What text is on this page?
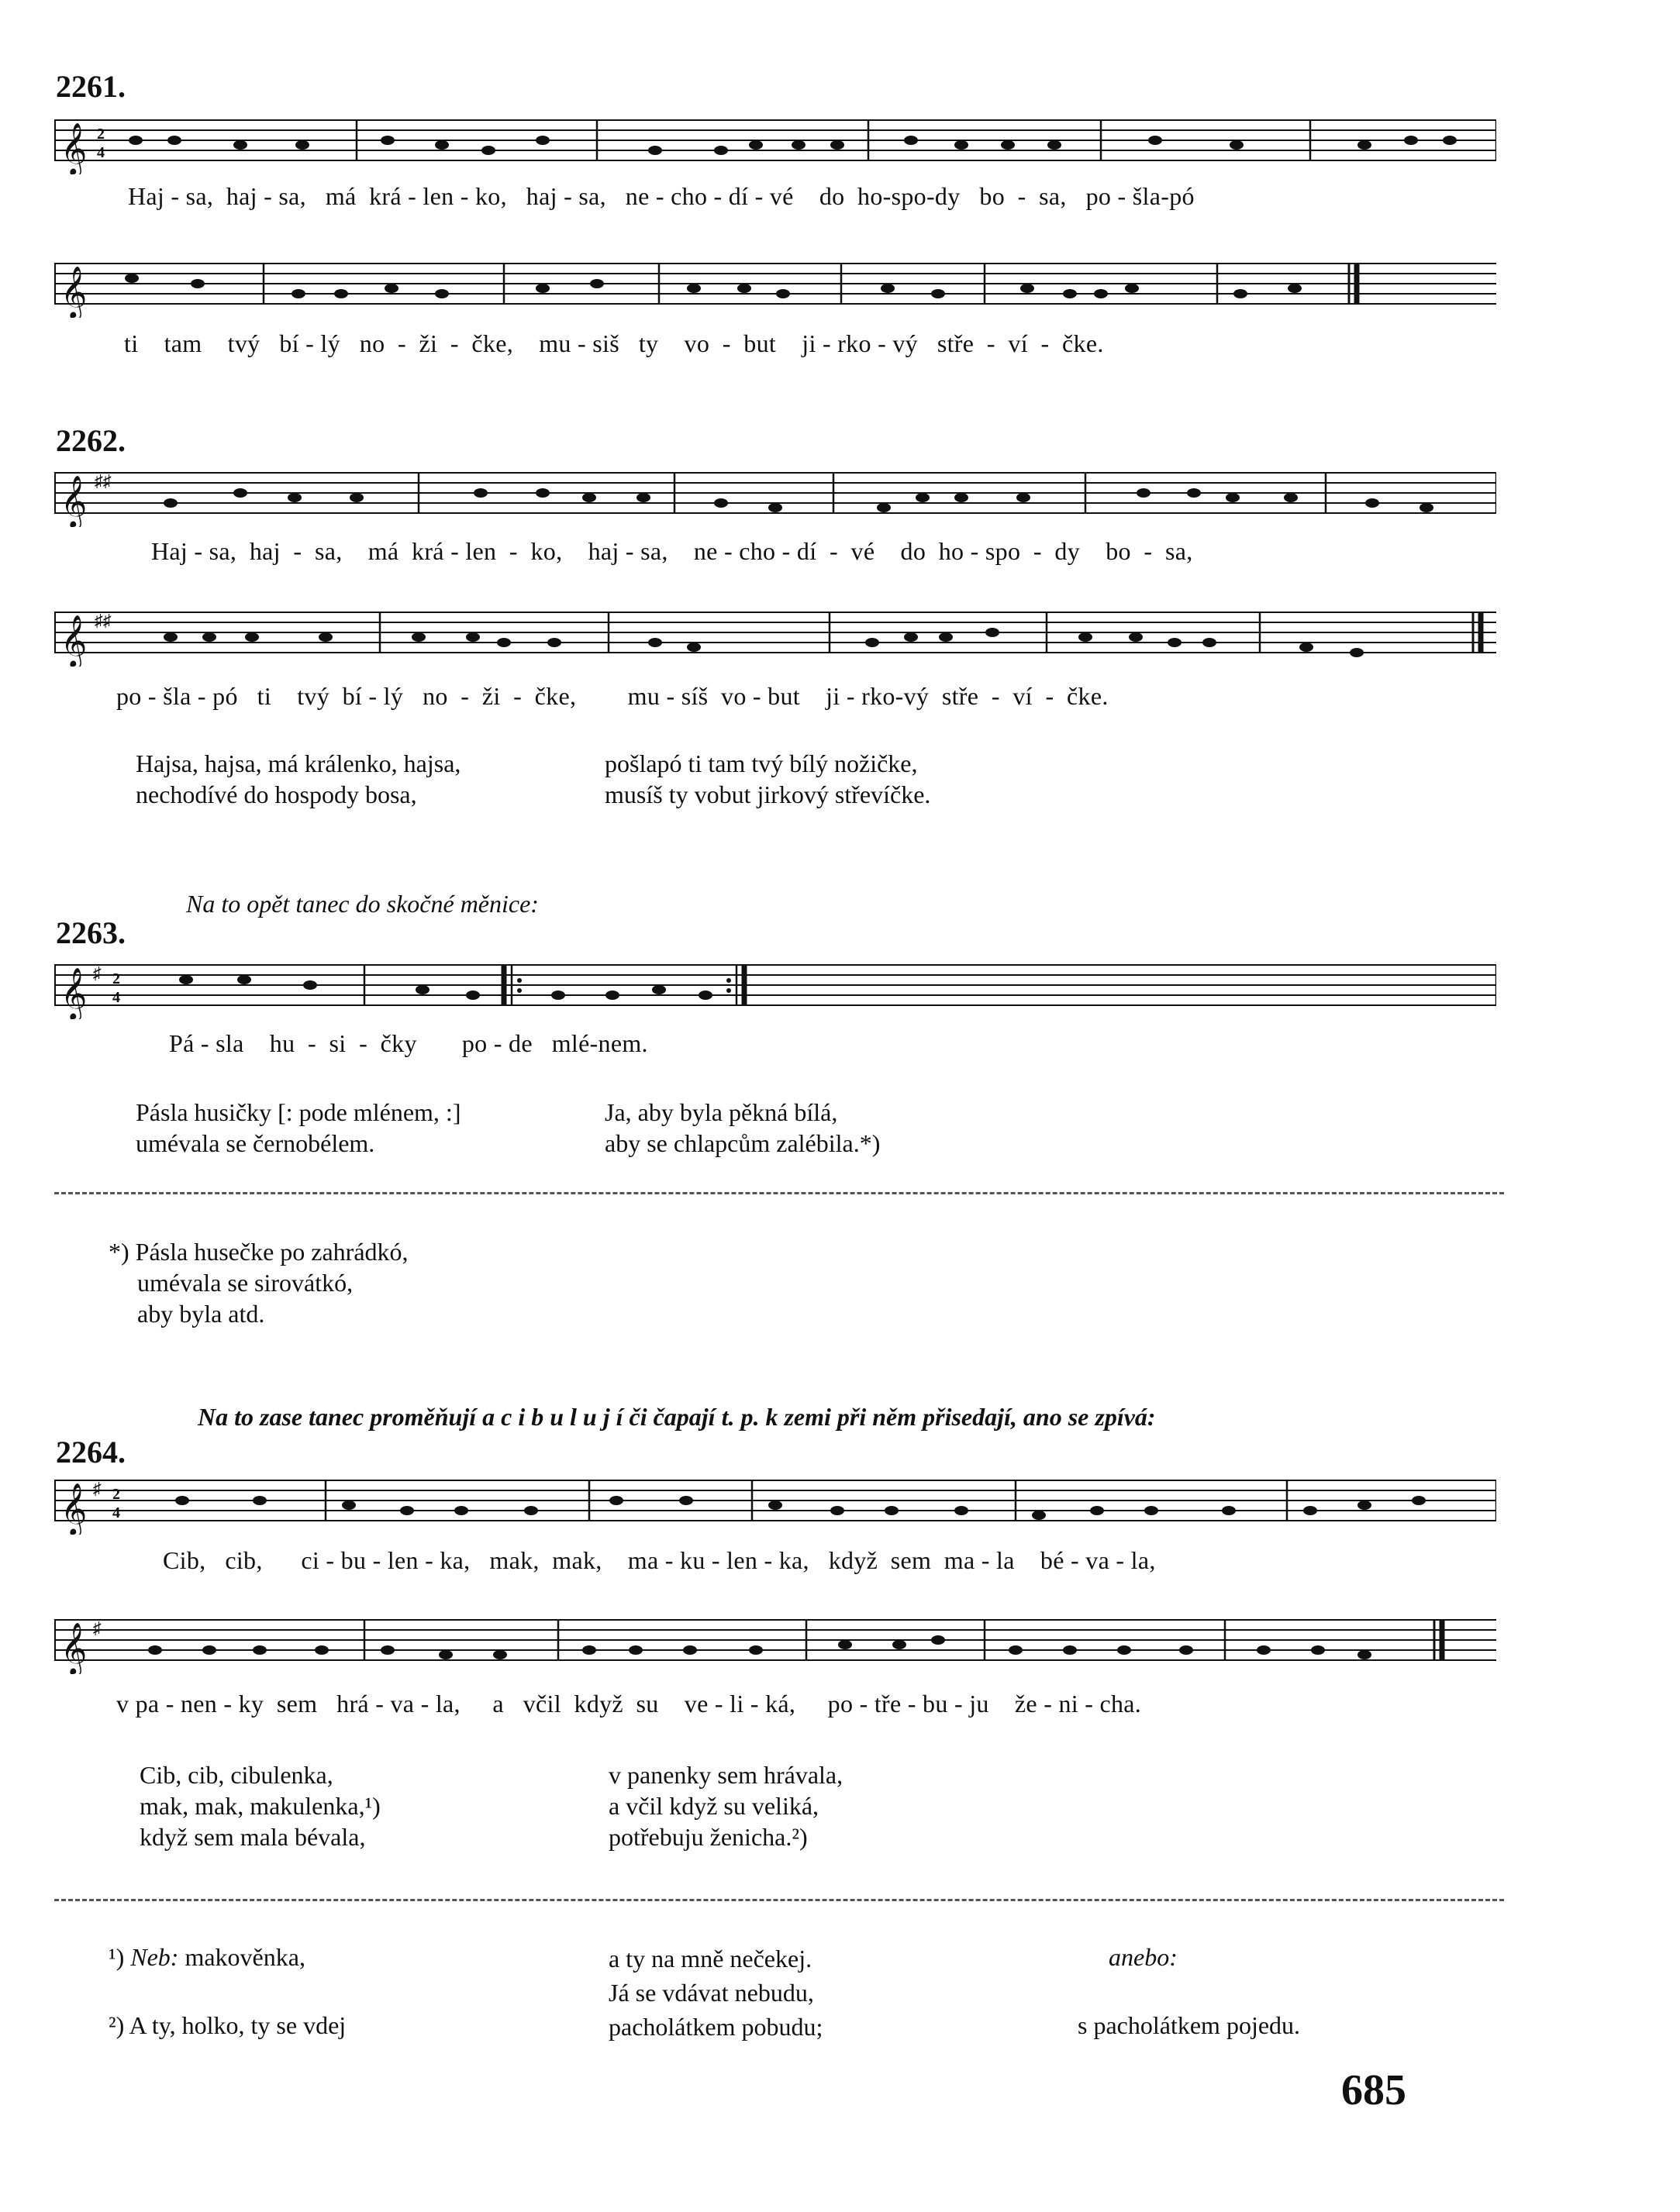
2261.
𝄞 2
4
Haj - sa,  haj - sa,   má  krá - len - ko,   haj - sa,   ne - cho - dí - vé    do  ho-spo-dy   bo  -  sa,   po - šla-pó
𝄞
ti    tam    tvý   bí - lý   no  -  ži  -  čke,    mu - siš   ty    vo  -  but    ji - rko - vý   stře  -  ví  -  čke.
2262.
𝄞 ♯♯
Haj - sa,  haj  -  sa,    má  krá - len  -  ko,    haj - sa,    ne - cho - dí  -  vé    do  ho - spo  -  dy    bo  -  sa,
𝄞 ♯♯
po - šla - pó   ti    tvý  bí - lý   no  -  ži  -  čke,        mu - síš  vo - but    ji - rko-vý  stře  -  ví  -  čke.
Hajsa, hajsa, má králenko, hajsa,
nechodívé do hospody bosa,
pošlapó ti tam tvý bílý nožičke,
musíš ty vobut jirkový střevíčke.
Na to opět tanec do skočné měnice:
2263.
𝄞 ♯ 2
4
Pá - sla    hu  -  si  -  čky       po - de   mlé-nem.
Pásla husičky [: pode mlénem, :]
umévala se černobélem.
Ja, aby byla pěkná bílá,
aby se chlapcům zalébila.*)
*) Pásla husečke po zahrádkó,
umévala se sirovátkó,
aby byla atd.
Na to zase tanec proměňují a c i b u l u j í či čapají t. p. k zemi při něm přisedají, ano se zpívá:
2264.
𝄞 ♯ 2
4
Cib,   cib,      ci - bu - len - ka,   mak,  mak,    ma - ku - len - ka,   když  sem  ma - la    bé - va - la,
𝄞 ♯
v pa - nen - ky  sem   hrá - va - la,     a   včil  když  su    ve - li - ká,     po - tře - bu - ju    že - ni - cha.
Cib, cib, cibulenka,
mak, mak, makulenka,¹)
když sem mala bévala,
v panenky sem hrávala,
a včil když su veliká,
potřebuju ženicha.²)
¹) Neb: makověnka,
²) A ty, holko, ty se vdej
a ty na mně nečekej.
Já se vdávat nebudu,
pacholátkem pobudu;
anebo:
s pacholátkem pojedu.
685
